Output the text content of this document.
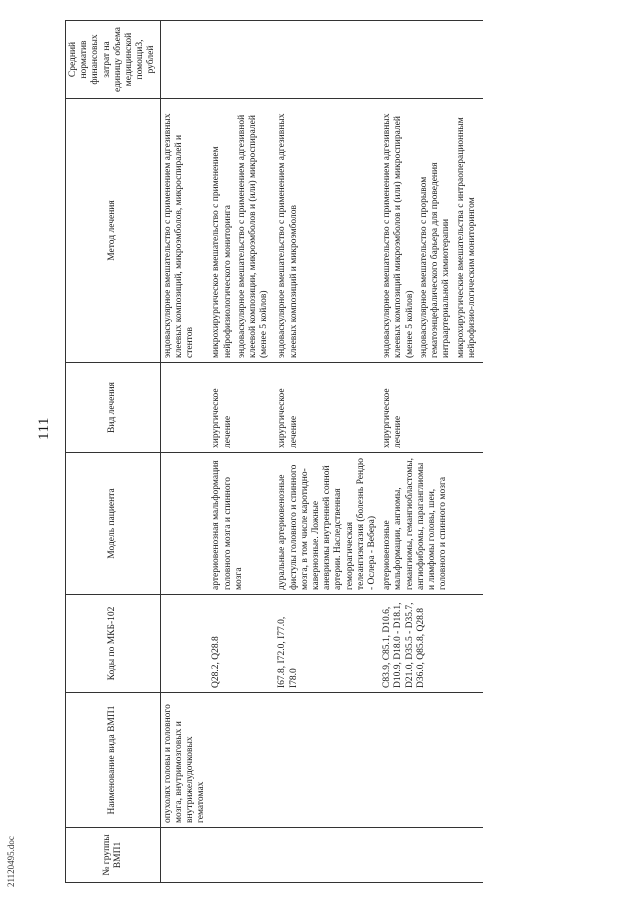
111
№ группы ВМП1	Наименование вида ВМП1	Коды по МКБ-102	Модель пациента	Вид лечения	Метод лечения	Средний норматив финансовых затрат на единицу объема медицинской помощи3, рублей
	опухолях головы и головного мозга, внутримозговых и внутрижелудочковых гематомах				эндоваскулярное вмешательство с применением адгезивных клеевых композиций, микроэмболов, микроспиралей и стентов	

		Q28.2, Q28.8	артериовенозная мальформация головного мозга и спинного мозга	хирургическое лечение	микрохирургическое вмешательство с применением нейрофизиологического мониторинга эндоваскулярное вмешательство с применением адгезивной клеевой композиции, микроэмболов и (или) микроспиралей (менее 5 койлов)	

		I67.8, I72.0, I77.0, I78.0	дуральные артериовенозные фистулы головного и спинного мозга, в том числе каротидно-кавернозные. Ложные аневризмы внутренней сонной артерии. Наследственная геморрагическая телеангиэктазия (болезнь Рендю - Ослера - Вебера)	хирургическое лечение	эндоваскулярное вмешательство с применением адгезивных клеевых композиций и микроэмболов	

		C83.9, C85.1, D10.6, D10.9, D18.0 - D18.1, D21.0, D35.5 - D35.7, D36.0, Q85.8, Q28.8	артериовенозные мальформации, ангиомы, гемангиомы, гемангиобластомы, ангиофибромы, параганглиомы и лимфомы головы, шеи, головного и спинного мозга	хирургическое лечение	эндоваскулярное вмешательство с применением адгезивных клеевых композиций микроэмболов и (или) микроспиралей (менее 5 койлов) эндоваскулярное вмешательство с прорывом гематоэнцефалического барьера для проведения интраартериальной химиотерапии микрохирургические вмешательства с интраоперационным нейрофизио-логическим мониторингом	

21120495.doc
